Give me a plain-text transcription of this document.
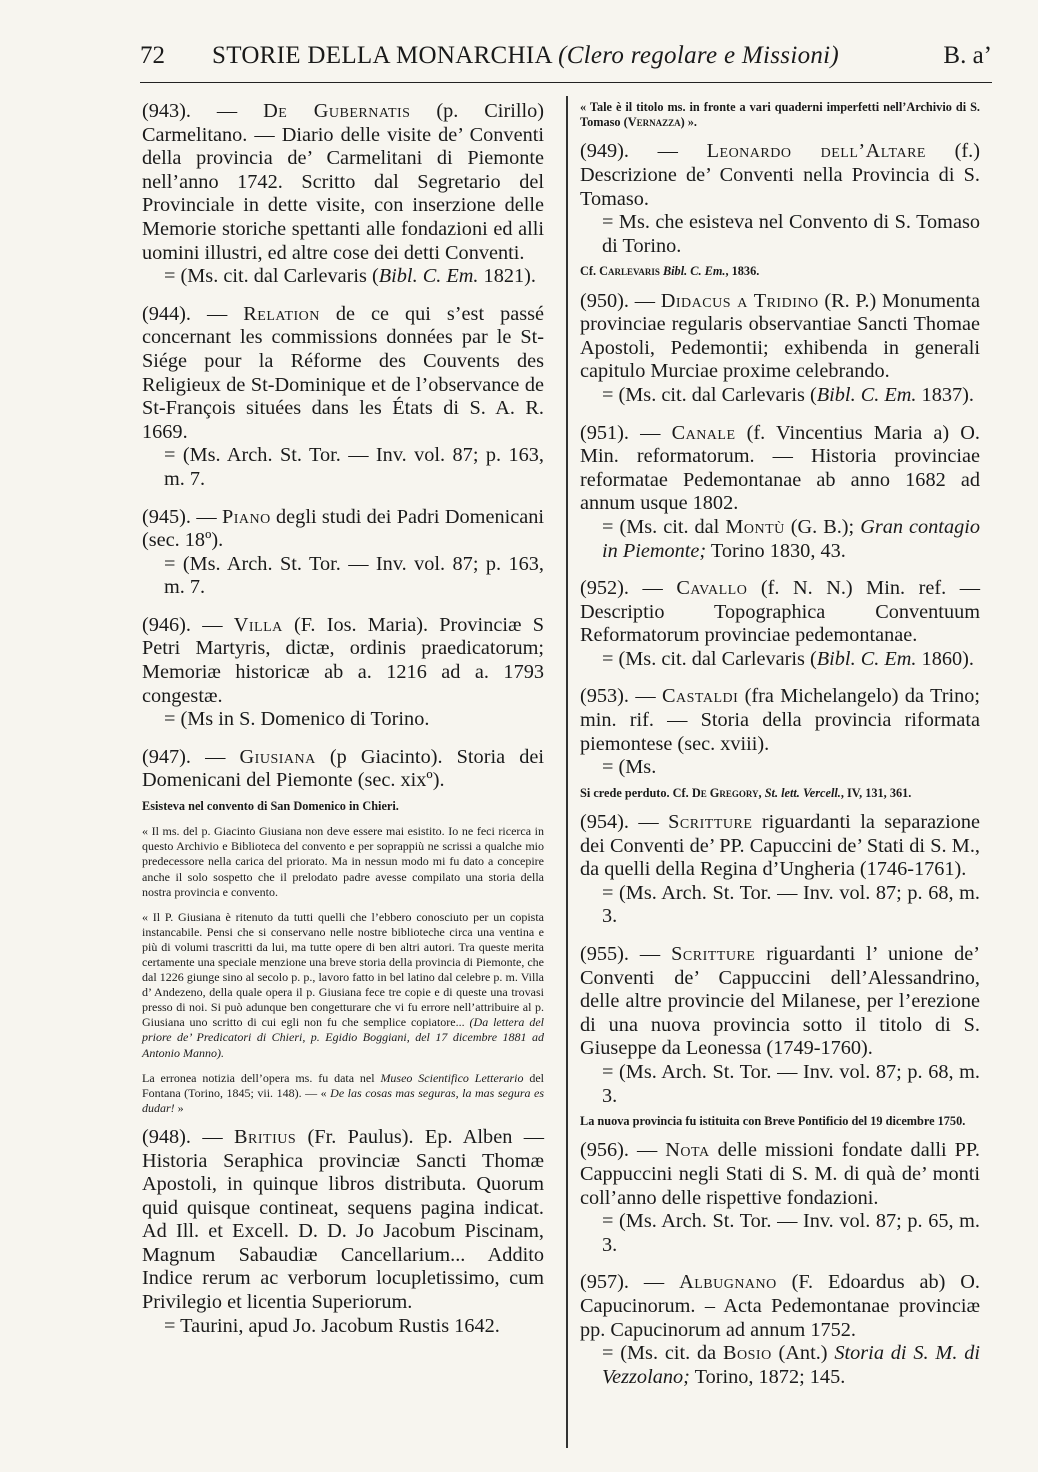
72 STORIE DELLA MONARCHIA (Clero regolare e Missioni)	B. a’
(943). — De Gubernatis (p. Cirillo) Carmelitano. — Diario delle visite de’ Conventi della provincia de’ Carmelitani di Piemonte nell’anno 1742. Scritto dal Segretario del Provinciale in dette visite, con inserzione delle Memorie storiche spettanti alle fondazioni ed alli uomini illustri, ed altre cose dei detti Conventi.
= (Ms. cit. dal Carlevaris (Bibl. C. Em. 1821).
(944). — Relation de ce qui s’est passé concernant les commissions données par le St-Siége pour la Réforme des Couvents des Religieux de St-Dominique et de l’observance de St-François situées dans les États di S. A. R. 1669.
= (Ms. Arch. St. Tor. — Inv. vol. 87; p. 163, m. 7.
(945). — Piano degli studi dei Padri Domenicani (sec. 18º).
= (Ms. Arch. St. Tor. — Inv. vol. 87; p. 163, m. 7.
(946). — Villa (F. Ios. Maria). Provinciæ S Petri Martyris, dictæ, ordinis praedicatorum; Memoriæ historicæ ab a. 1216 ad a. 1793 congestæ.
= (Ms in S. Domenico di Torino.
(947). — Giusiana (p Giacinto). Storia dei Domenicani del Piemonte (sec. xixº).
Esisteva nel convento di San Domenico in Chieri.
« Il ms. del p. Giacinto Giusiana non deve essere mai esistito. Io ne feci ricerca in questo Archivio e Biblioteca del convento e per soprappiù ne scrissi a qualche mio predecessore nella carica del priorato. Ma in nessun modo mi fu dato a concepire anche il solo sospetto che il prelodato padre avesse compilato una storia della nostra provincia e convento.
« Il P. Giusiana è ritenuto da tutti quelli che l’ebbero conosciuto per un copista instancabile. Pensi che si conservano nelle nostre biblioteche circa una ventina e più di volumi trascritti da lui, ma tutte opere di ben altri autori. Tra queste merita certamente una speciale menzione una breve storia della provincia di Piemonte, che dal 1226 giunge sino al secolo p. p., lavoro fatto in bel latino dal celebre p. m. Villa d’ Andezeno, della quale opera il p. Giusiana fece tre copie e di queste una trovasi presso di noi. Si può adunque ben congetturare che vi fu errore nell’attribuire al p. Giusiana uno scritto di cui egli non fu che semplice copiatore... (Da lettera del priore de’ Predicatori di Chieri, p. Egidio Boggiani, del 17 dicembre 1881 ad Antonio Manno).
La erronea notizia dell’opera ms. fu data nel Museo Scientifico Letterario del Fontana (Torino, 1845; vii. 148). — « De las cosas mas seguras, la mas segura es dudar! »
(948). — Britius (Fr. Paulus). Ep. Alben — Historia Seraphica provinciæ Sancti Thomæ Apostoli, in quinque libros distributa. Quorum quid quisque contineat, sequens pagina indicat. Ad Ill. et Excell. D. D. Jo Jacobum Piscinam, Magnum Sabaudiæ Cancellarium... Addito Indice rerum ac verborum locupletissimo, cum Privilegio et licentia Superiorum.
= Taurini, apud Jo. Jacobum Rustis 1642.
« Tale è il titolo ms. in fronte a vari quaderni imperfetti nell’Archivio di S. Tomaso (Vernazza) ».
(949). — Leonardo dell’Altare (f.) Descrizione de’ Conventi nella Provincia di S. Tomaso.
= Ms. che esisteva nel Convento di S. Tomaso di Torino.
Cf. Carlevaris Bibl. C. Em., 1836.
(950). — Didacus a Tridino (R. P.) Monumenta provinciae regularis observantiae Sancti Thomae Apostoli, Pedemontii; exhibenda in generali capitulo Murciae proxime celebrando.
= (Ms. cit. dal Carlevaris (Bibl. C. Em. 1837).
(951). — Canale (f. Vincentius Maria a) O. Min. reformatorum. — Historia provinciae reformatae Pedemontanae ab anno 1682 ad annum usque 1802.
= (Ms. cit. dal Montù (G. B.); Gran contagio in Piemonte; Torino 1830, 43.
(952). — Cavallo (f. N. N.) Min. ref. — Descriptio Topographica Conventuum Reformatorum provinciae pedemontanae.
= (Ms. cit. dal Carlevaris (Bibl. C. Em. 1860).
(953). — Castaldi (fra Michelangelo) da Trino; min. rif. — Storia della provincia riformata piemontese (sec. xviii).
= (Ms.
Si crede perduto. Cf. De Gregory, St. lett. Vercell., IV, 131, 361.
(954). — Scritture riguardanti la separazione dei Conventi de’ PP. Capuccini de’ Stati di S. M., da quelli della Regina d’Ungheria (1746-1761).
= (Ms. Arch. St. Tor. — Inv. vol. 87; p. 68, m. 3.
(955). — Scritture riguardanti l’ unione de’ Conventi de’ Cappuccini dell’Alessandrino, delle altre provincie del Milanese, per l’erezione di una nuova provincia sotto il titolo di S. Giuseppe da Leonessa (1749-1760).
= (Ms. Arch. St. Tor. — Inv. vol. 87; p. 68, m. 3.
La nuova provincia fu istituita con Breve Pontificio del 19 dicembre 1750.
(956). — Nota delle missioni fondate dalli PP. Cappuccini negli Stati di S. M. di quà de’ monti coll’anno delle rispettive fondazioni.
= (Ms. Arch. St. Tor. — Inv. vol. 87; p. 65, m. 3.
(957). — Albugnano (F. Edoardus ab) O. Capucinorum. – Acta Pedemontanae provinciæ pp. Capucinorum ad annum 1752.
= (Ms. cit. da Bosio (Ant.) Storia di S. M. di Vezzolano; Torino, 1872; 145.
